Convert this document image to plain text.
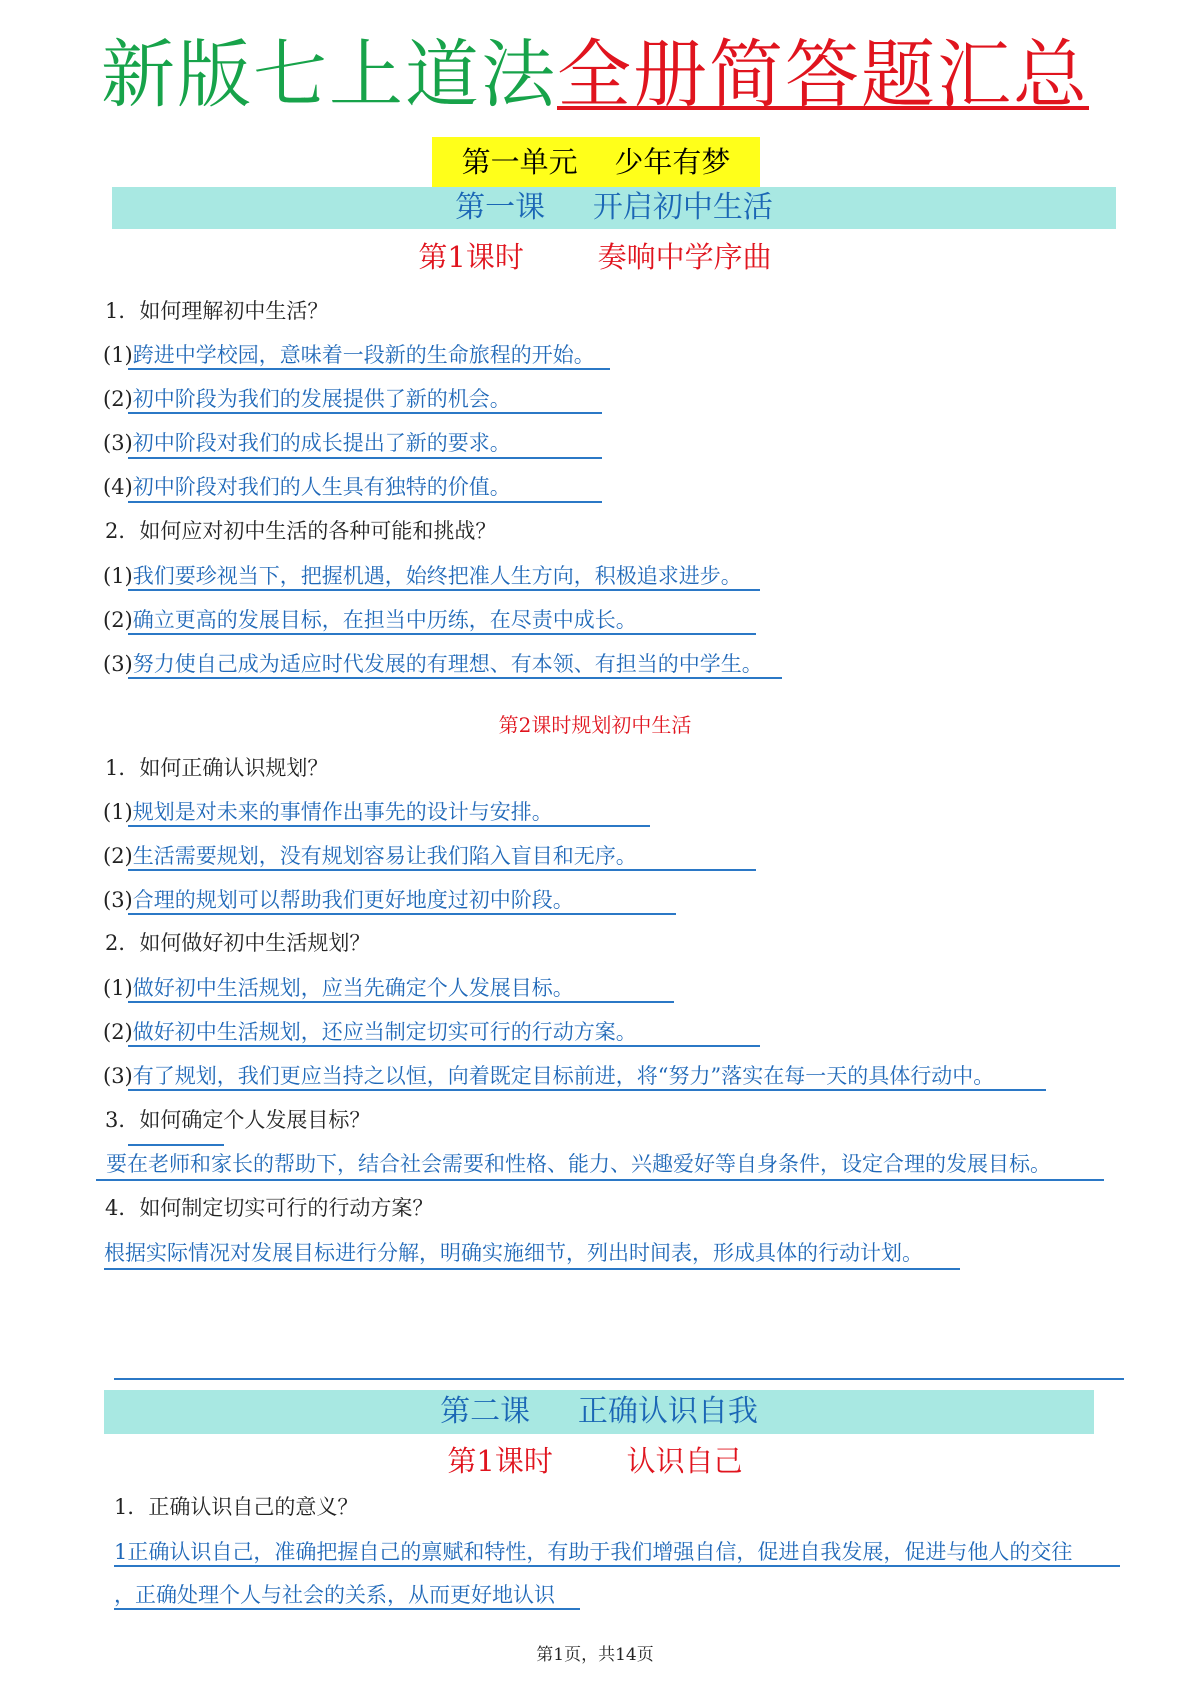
新版七上道法全册简答题汇总
第一单元    少年有梦
第一课     开启初中生活
第1课时        奏响中学序曲
1．如何理解初中生活？
(1)跨进中学校园，意味着一段新的生命旅程的开始。
(2)初中阶段为我们的发展提供了新的机会。
(3)初中阶段对我们的成长提出了新的要求。
(4)初中阶段对我们的人生具有独特的价值。
2．如何应对初中生活的各种可能和挑战？
(1)我们要珍视当下，把握机遇，始终把准人生方向，积极追求进步。
(2)确立更高的发展目标，在担当中历练，在尽责中成长。
(3)努力使自己成为适应时代发展的有理想、有本领、有担当的中学生。
第2课时规划初中生活
1．如何正确认识规划？
(1)规划是对未来的事情作出事先的设计与安排。
(2)生活需要规划，没有规划容易让我们陷入盲目和无序。
(3)合理的规划可以帮助我们更好地度过初中阶段。
2．如何做好初中生活规划？
(1)做好初中生活规划，应当先确定个人发展目标。
(2)做好初中生活规划，还应当制定切实可行的行动方案。
(3)有了规划，我们更应当持之以恒，向着既定目标前进，将“努力”落实在每一天的具体行动中。
3．如何确定个人发展目标？
要在老师和家长的帮助下，结合社会需要和性格、能力、兴趣爱好等自身条件，设定合理的发展目标。
4．如何制定切实可行的行动方案？
根据实际情况对发展目标进行分解，明确实施细节，列出时间表，形成具体的行动计划。
第二课     正确认识自我
第1课时        认识自己
1．正确认识自己的意义？
1正确认识自己，准确把握自己的禀赋和特性，有助于我们增强自信，促进自我发展，促进与他人的交往
，正确处理个人与社会的关系，从而更好地认识
第1页，共14页
